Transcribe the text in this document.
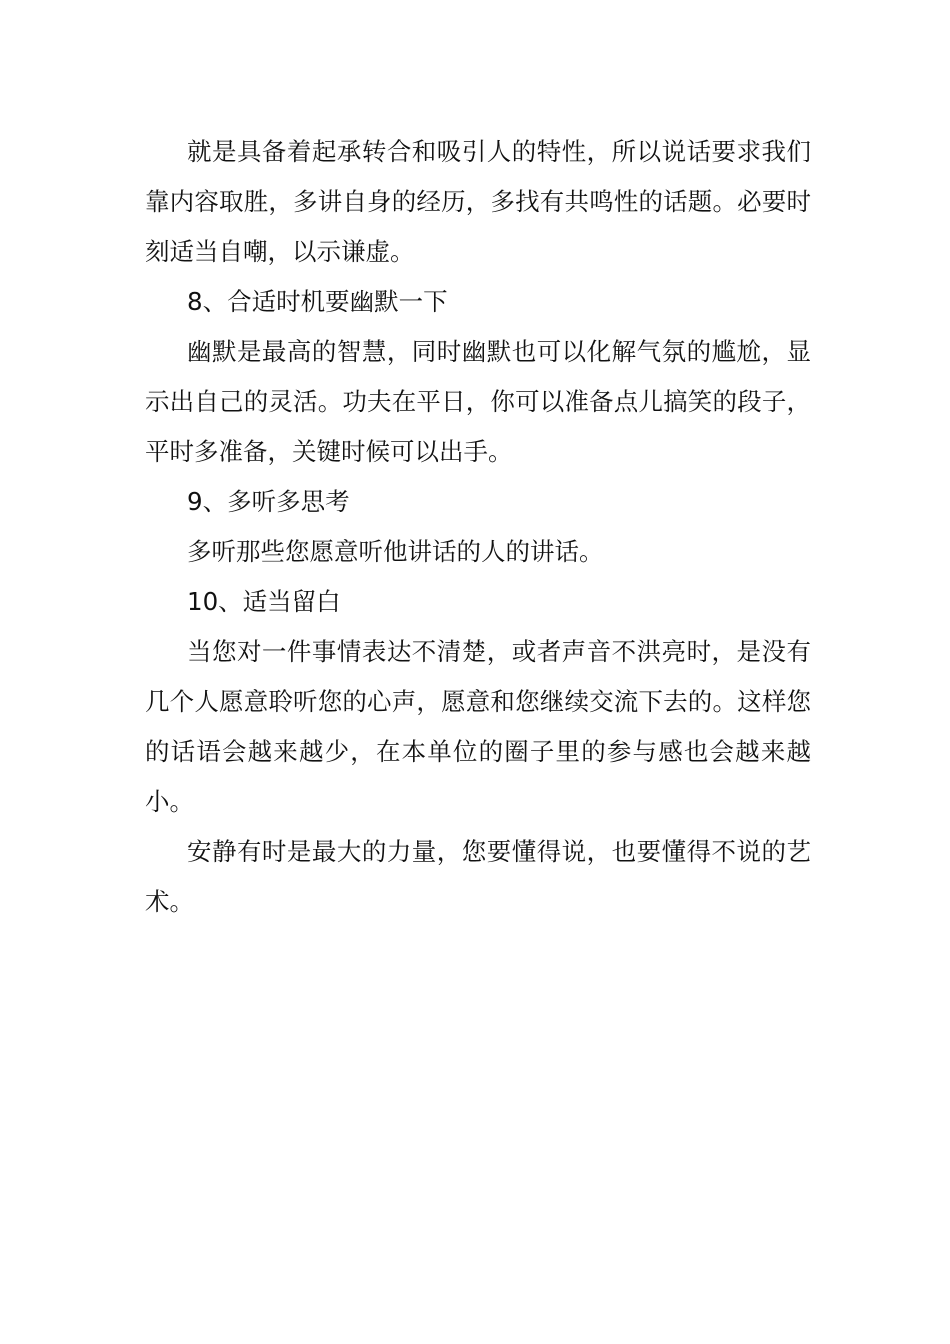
就是具备着起承转合和吸引人的特性，所以说话要求我们靠内容取胜，多讲自身的经历，多找有共鸣性的话题。必要时刻适当自嘲，以示谦虚。

8、合适时机要幽默一下

幽默是最高的智慧，同时幽默也可以化解气氛的尴尬，显示出自己的灵活。功夫在平日，你可以准备点儿搞笑的段子，平时多准备，关键时候可以出手。

9、多听多思考

多听那些您愿意听他讲话的人的讲话。

10、适当留白

当您对一件事情表达不清楚，或者声音不洪亮时，是没有几个人愿意聆听您的心声，愿意和您继续交流下去的。这样您的话语会越来越少，在本单位的圈子里的参与感也会越来越小。

安静有时是最大的力量，您要懂得说，也要懂得不说的艺术。
